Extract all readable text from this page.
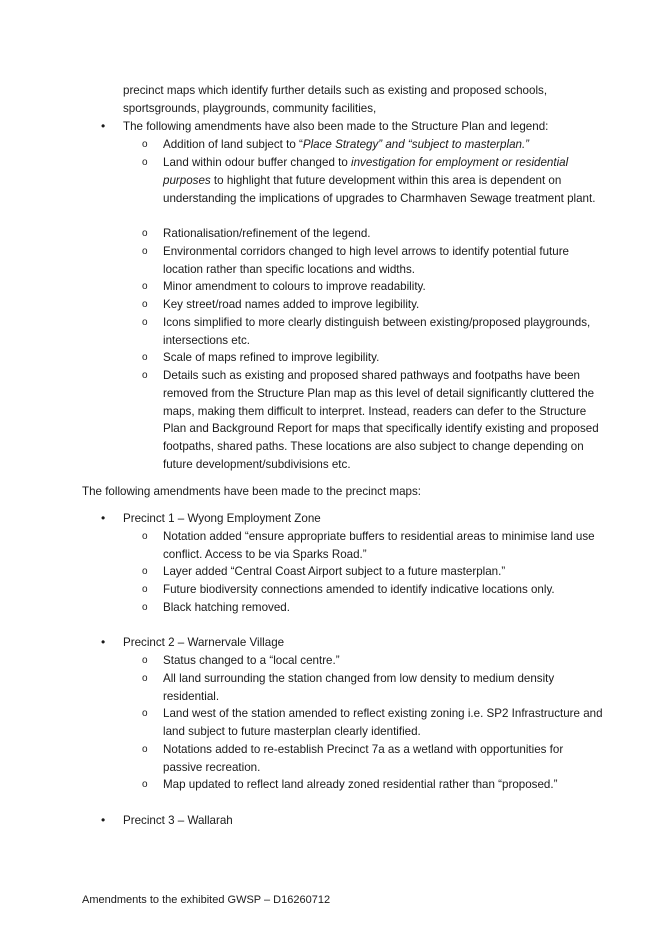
precinct maps which identify further details such as existing and proposed schools, sportsgrounds, playgrounds, community facilities,
• The following amendments have also been made to the Structure Plan and legend:
o Addition of land subject to “Place Strategy” and “subject to masterplan.”
o Land within odour buffer changed to investigation for employment or residential purposes to highlight that future development within this area is dependent on understanding the implications of upgrades to Charmhaven Sewage treatment plant.
o Rationalisation/refinement of the legend.
o Environmental corridors changed to high level arrows to identify potential future location rather than specific locations and widths.
o Minor amendment to colours to improve readability.
o Key street/road names added to improve legibility.
o Icons simplified to more clearly distinguish between existing/proposed playgrounds, intersections etc.
o Scale of maps refined to improve legibility.
o Details such as existing and proposed shared pathways and footpaths have been removed from the Structure Plan map as this level of detail significantly cluttered the maps, making them difficult to interpret. Instead, readers can defer to the Structure Plan and Background Report for maps that specifically identify existing and proposed footpaths, shared paths. These locations are also subject to change depending on future development/subdivisions etc.
The following amendments have been made to the precinct maps:
• Precinct 1 – Wyong Employment Zone
o Notation added “ensure appropriate buffers to residential areas to minimise land use conflict. Access to be via Sparks Road.”
o Layer added “Central Coast Airport subject to a future masterplan.”
o Future biodiversity connections amended to identify indicative locations only.
o Black hatching removed.
• Precinct 2 – Warnervale Village
o Status changed to a “local centre.”
o All land surrounding the station changed from low density to medium density residential.
o Land west of the station amended to reflect existing zoning i.e. SP2 Infrastructure and land subject to future masterplan clearly identified.
o Notations added to re-establish Precinct 7a as a wetland with opportunities for passive recreation.
o Map updated to reflect land already zoned residential rather than “proposed.”
• Precinct 3 – Wallarah
Amendments to the exhibited GWSP – D16260712
